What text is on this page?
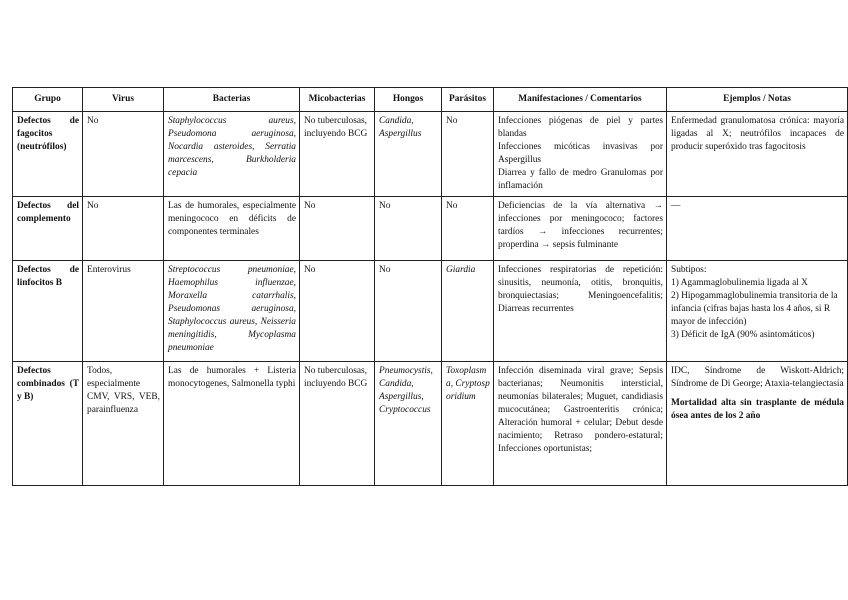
Grupo	Virus	Bacterias	Micobacterias	Hongos	Parásitos	Manifestaciones / Comentarios	Ejemplos / Notas
Defectos de fagocitos (neutrófilos)	No	Staphylococcus aureus, Pseudomona aeruginosa, Nocardia asteroides, Serratia marcescens, Burkholderia cepacia	No tuberculosas, incluyendo BCG	Candida, Aspergillus	No	Infecciones piógenas de piel y partes blandas
Infecciones micóticas invasivas por Aspergillus
Diarrea y fallo de medro Granulomas por inflamación	Enfermedad granulomatosa crónica: mayoría ligadas al X; neutrófilos incapaces de producir superóxido tras fagocitosis
Defectos del complemento	No	Las de humorales, especialmente meningococo en déficits de componentes terminales	No	No	No	Deficiencias de la vía alternativa → infecciones por meningococo; factores tardíos → infecciones recurrentes; properdina → sepsis fulminante	—
Defectos de linfocitos B	Enterovirus	Streptococcus pneumoniae, Haemophilus influenzae, Moraxella catarrhalis, Pseudomonas aeruginosa, Staphylococcus aureus, Neisseria meningitidis, Mycoplasma pneumoniae	No	No	Giardia	Infecciones respiratorias de repetición: sinusitis, neumonía, otitis, bronquitis, bronquiectasias; Meningoencefalitis; Diarreas recurrentes	Subtipos:
1) Agammaglobulinemia ligada al X
2) Hipogammaglobulinemia transitoria de la infancia (cifras bajas hasta los 4 años, si R mayor de infección)
3) Déficit de IgA (90% asintomáticos)

Defectos combinados (T y B)	Todos, especialmente CMV, VRS, VEB, parainfluenza	Las de humorales + Listeria monocytogenes, Salmonella typhi	No tuberculosas, incluyendo BCG	Pneumocystis, Candida, Aspergillus, Cryptococcus	Toxoplasma, Cryptosporidium	Infección diseminada viral grave; Sepsis bacterianas; Neumonitis intersticial, neumonías bilaterales; Muguet, candidiasis mucocutánea; Gastroenteritis crónica; Alteración humoral + celular; Debut desde nacimiento; Retraso pondero-estatural; Infecciones oportunistas;	IDC, Síndrome de Wiskott-Aldrich; Síndrome de Di George; Ataxia-telangiectasia
Mortalidad alta sin trasplante de médula ósea antes de los 2 año
